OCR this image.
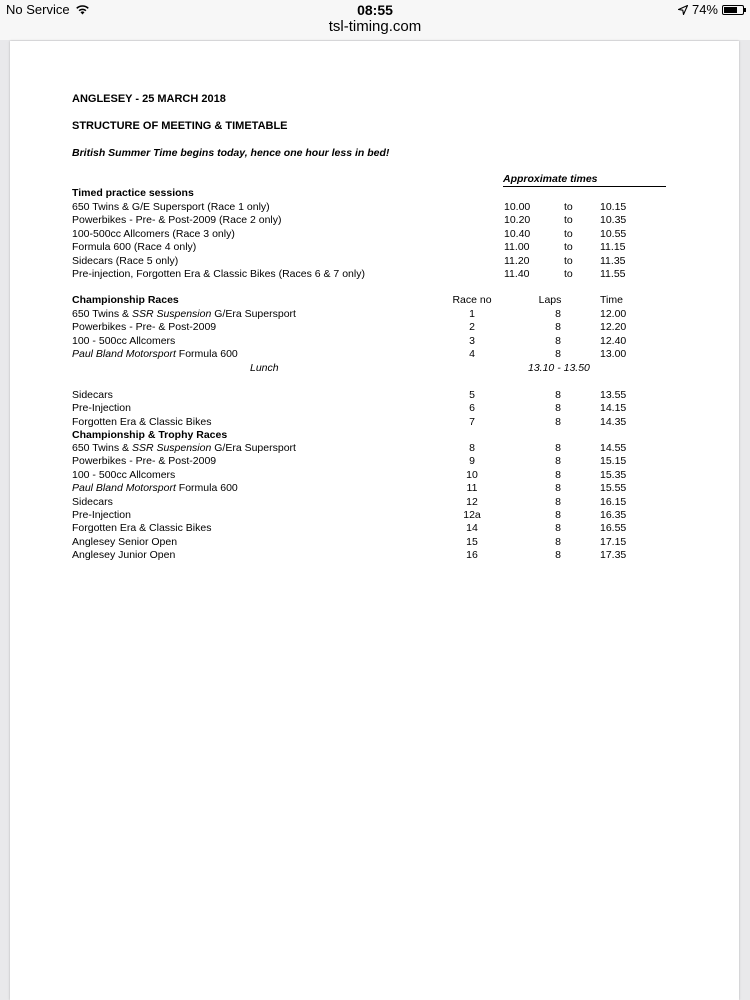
No Service	08:55
tsl-timing.com
74%
ANGLESEY - 25 MARCH 2018
STRUCTURE OF MEETING & TIMETABLE
British Summer Time begins today, hence one hour less in bed!
Approximate times
Timed practice sessions
650 Twins & G/E Supersport (Race 1 only)	10.00	to	10.15
Powerbikes - Pre- & Post-2009 (Race 2 only)	10.20	to	10.35
100-500cc Allcomers (Race 3 only)	10.40	to	10.55
Formula 600 (Race 4 only)	11.00	to	11.15
Sidecars (Race 5 only)	11.20	to	11.35
Pre-injection, Forgotten Era & Classic Bikes (Races 6 & 7 only)	11.40	to	11.55
Championship Races	Race no	Laps	Time
650 Twins & SSR Suspension G/Era Supersport	1	8	12.00
Powerbikes - Pre- & Post-2009	2	8	12.20
100 - 500cc Allcomers	3	8	12.40
Paul Bland Motorsport Formula 600	4	8	13.00
Lunch	13.10 - 13.50
Sidecars	5	8	13.55
Pre-Injection	6	8	14.15
Forgotten Era & Classic Bikes	7	8	14.35
Championship & Trophy Races
650 Twins & SSR Suspension G/Era Supersport	8	8	14.55
Powerbikes - Pre- & Post-2009	9	8	15.15
100 - 500cc Allcomers	10	8	15.35
Paul Bland Motorsport Formula 600	11	8	15.55
Sidecars	12	8	16.15
Pre-Injection	12a	8	16.35
Forgotten Era & Classic Bikes	14	8	16.55
Anglesey Senior Open	15	8	17.15
Anglesey Junior Open	16	8	17.35
